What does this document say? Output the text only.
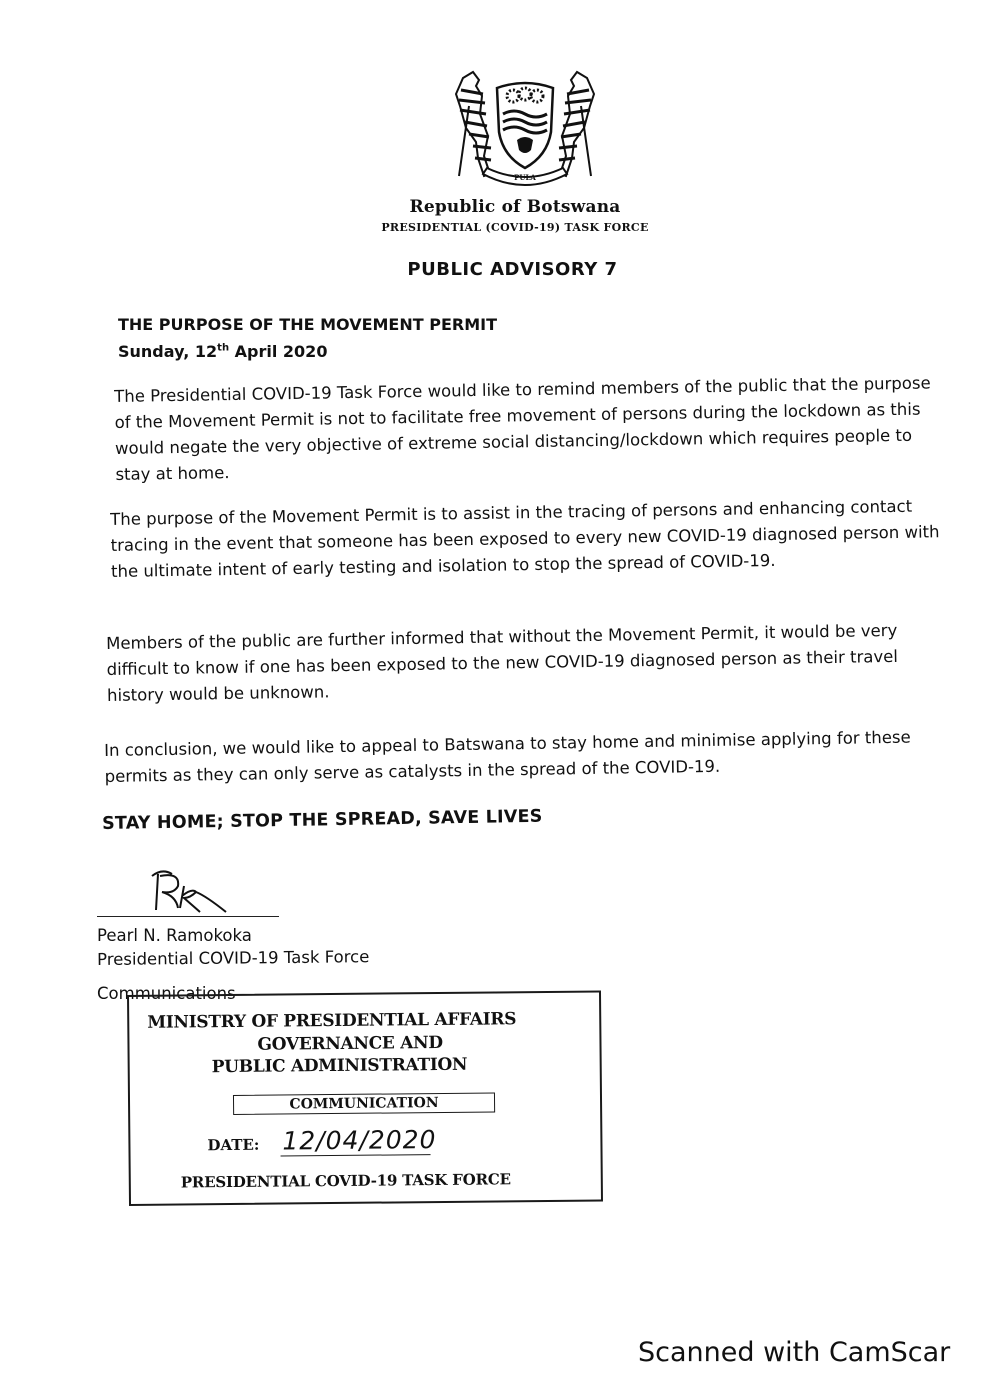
PULA
Republic of Botswana
PRESIDENTIAL (COVID-19) TASK FORCE
PUBLIC ADVISORY 7
THE PURPOSE OF THE MOVEMENT PERMIT
Sunday, 12th April 2020

The Presidential COVID-19 Task Force would like to remind members of the public that the purpose of the Movement Permit is not to facilitate free movement of persons during the lockdown as this would negate the very objective of extreme social distancing/lockdown which requires people to stay at home.

The purpose of the Movement Permit is to assist in the tracing of persons and enhancing contact tracing in the event that someone has been exposed to every new COVID-19 diagnosed person with the ultimate intent of early testing and isolation to stop the spread of COVID-19.

Members of the public are further informed that without the Movement Permit, it would be very difficult to know if one has been exposed to the new COVID-19 diagnosed person as their travel history would be unknown.

In conclusion, we would like to appeal to Batswana to stay home and minimise applying for these permits as they can only serve as catalysts in the spread of the COVID-19.

STAY HOME; STOP THE SPREAD, SAVE LIVES
Pearl N. Ramokoka
Presidential COVID-19 Task Force
Communications
MINISTRY OF PRESIDENTIAL AFFAIRS
GOVERNANCE AND
PUBLIC ADMINISTRATION
COMMUNICATION
DATE: 12/04/2020
PRESIDENTIAL COVID-19 TASK FORCE
Scanned with CamScar
